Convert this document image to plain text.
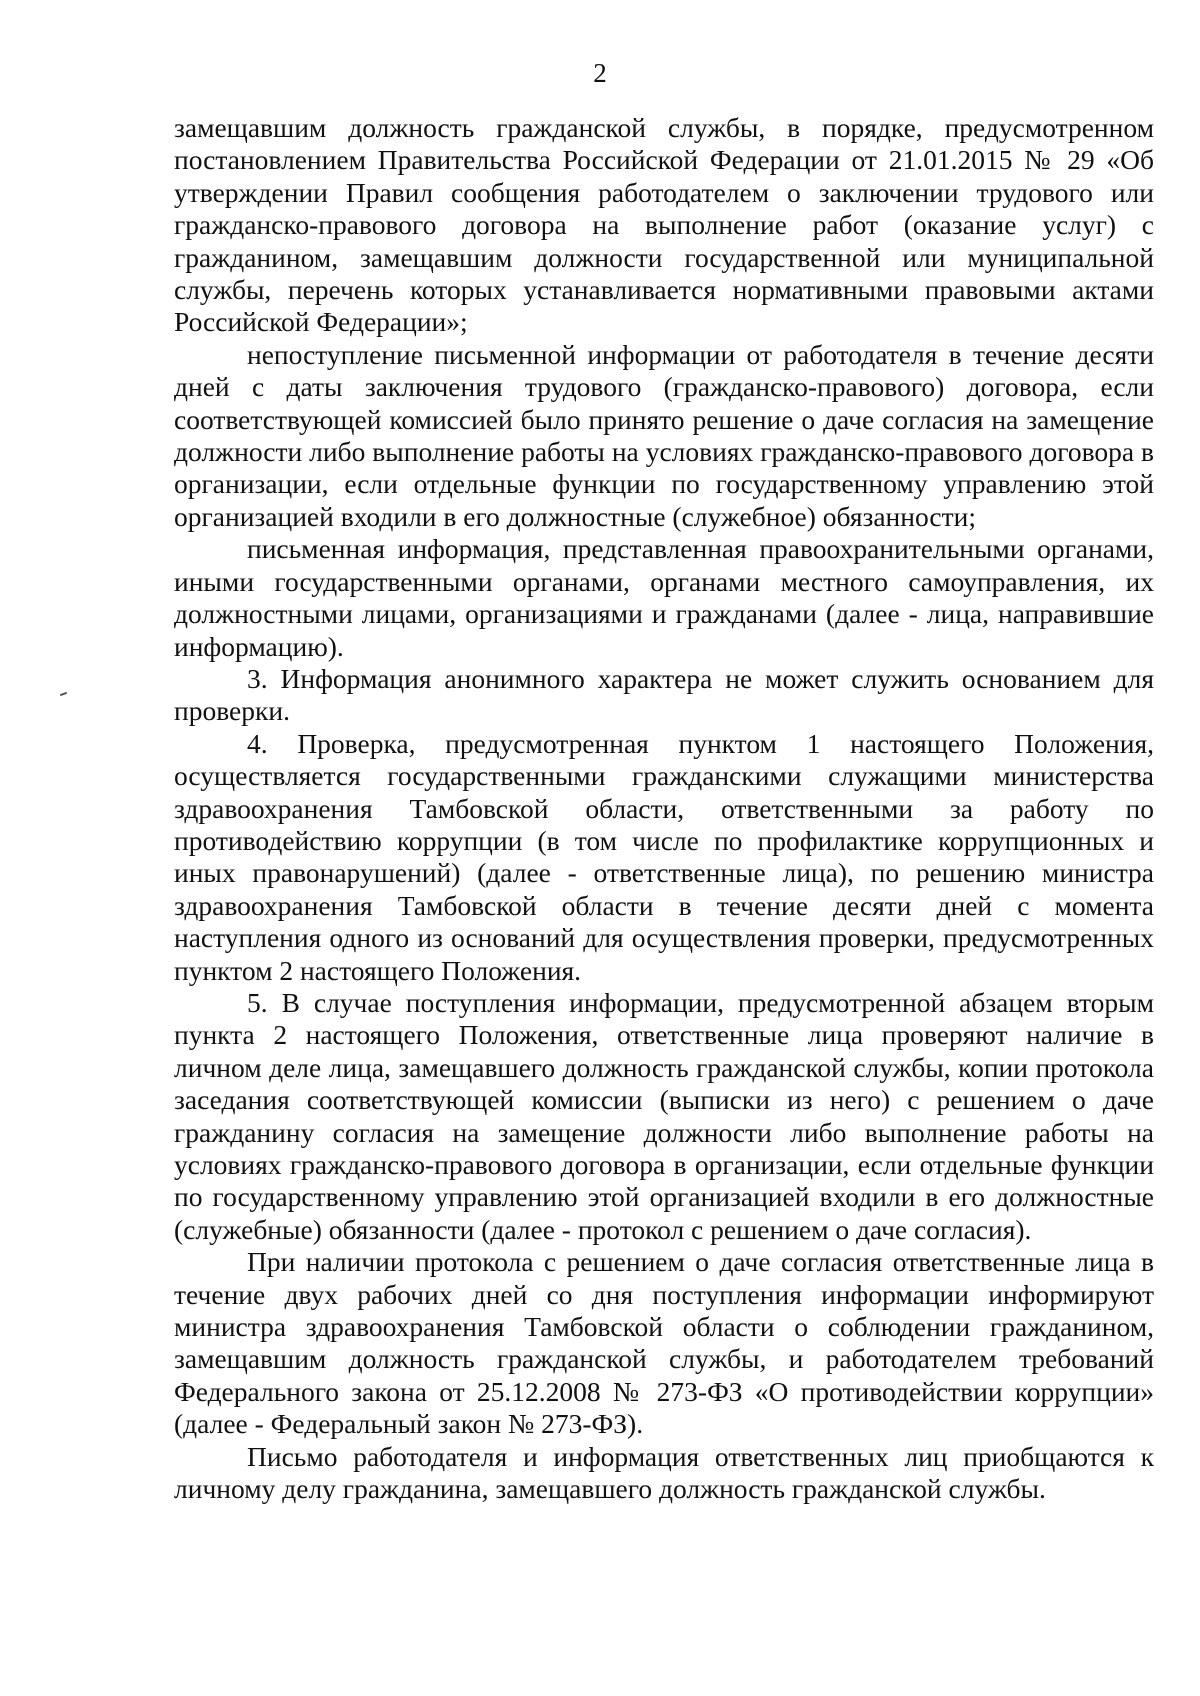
2

замещавшим должность гражданской службы, в порядке, предусмотренном постановлением Правительства Российской Федерации от 21.01.2015 № 29 «Об утверждении Правил сообщения работодателем о заключении трудового или гражданско-правового договора на выполнение работ (оказание услуг) с гражданином, замещавшим должности государственной или муниципальной службы, перечень которых устанавливается нормативными правовыми актами Российской Федерации»;

непоступление письменной информации от работодателя в течение десяти дней с даты заключения трудового (гражданско-правового) договора, если соответствующей комиссией было принято решение о даче согласия на замещение должности либо выполнение работы на условиях гражданско-правового договора в организации, если отдельные функции по государственному управлению этой организацией входили в его должностные (служебное) обязанности;

письменная информация, представленная правоохранительными органами, иными государственными органами, органами местного самоуправления, их должностными лицами, организациями и гражданами (далее - лица, направившие информацию).

3. Информация анонимного характера не может служить основанием для проверки.

4. Проверка, предусмотренная пунктом 1 настоящего Положения, осуществляется государственными гражданскими служащими министерства здравоохранения Тамбовской области, ответственными за работу по противодействию коррупции (в том числе по профилактике коррупционных и иных правонарушений) (далее - ответственные лица), по решению министра здравоохранения Тамбовской области в течение десяти дней с момента наступления одного из оснований для осуществления проверки, предусмотренных пунктом 2 настоящего Положения.

5. В случае поступления информации, предусмотренной абзацем вторым пункта 2 настоящего Положения, ответственные лица проверяют наличие в личном деле лица, замещавшего должность гражданской службы, копии протокола заседания соответствующей комиссии (выписки из него) с решением о даче гражданину согласия на замещение должности либо выполнение работы на условиях гражданско-правового договора в организации, если отдельные функции по государственному управлению этой организацией входили в его должностные (служебные) обязанности (далее - протокол с решением о даче согласия).

При наличии протокола с решением о даче согласия ответственные лица в течение двух рабочих дней со дня поступления информации информируют министра здравоохранения Тамбовской области о соблюдении гражданином, замещавшим должность гражданской службы, и работодателем требований Федерального закона от 25.12.2008 № 273-ФЗ «О противодействии коррупции» (далее - Федеральный закон № 273-ФЗ).

Письмо работодателя и информация ответственных лиц приобщаются к личному делу гражданина, замещавшего должность гражданской службы.
